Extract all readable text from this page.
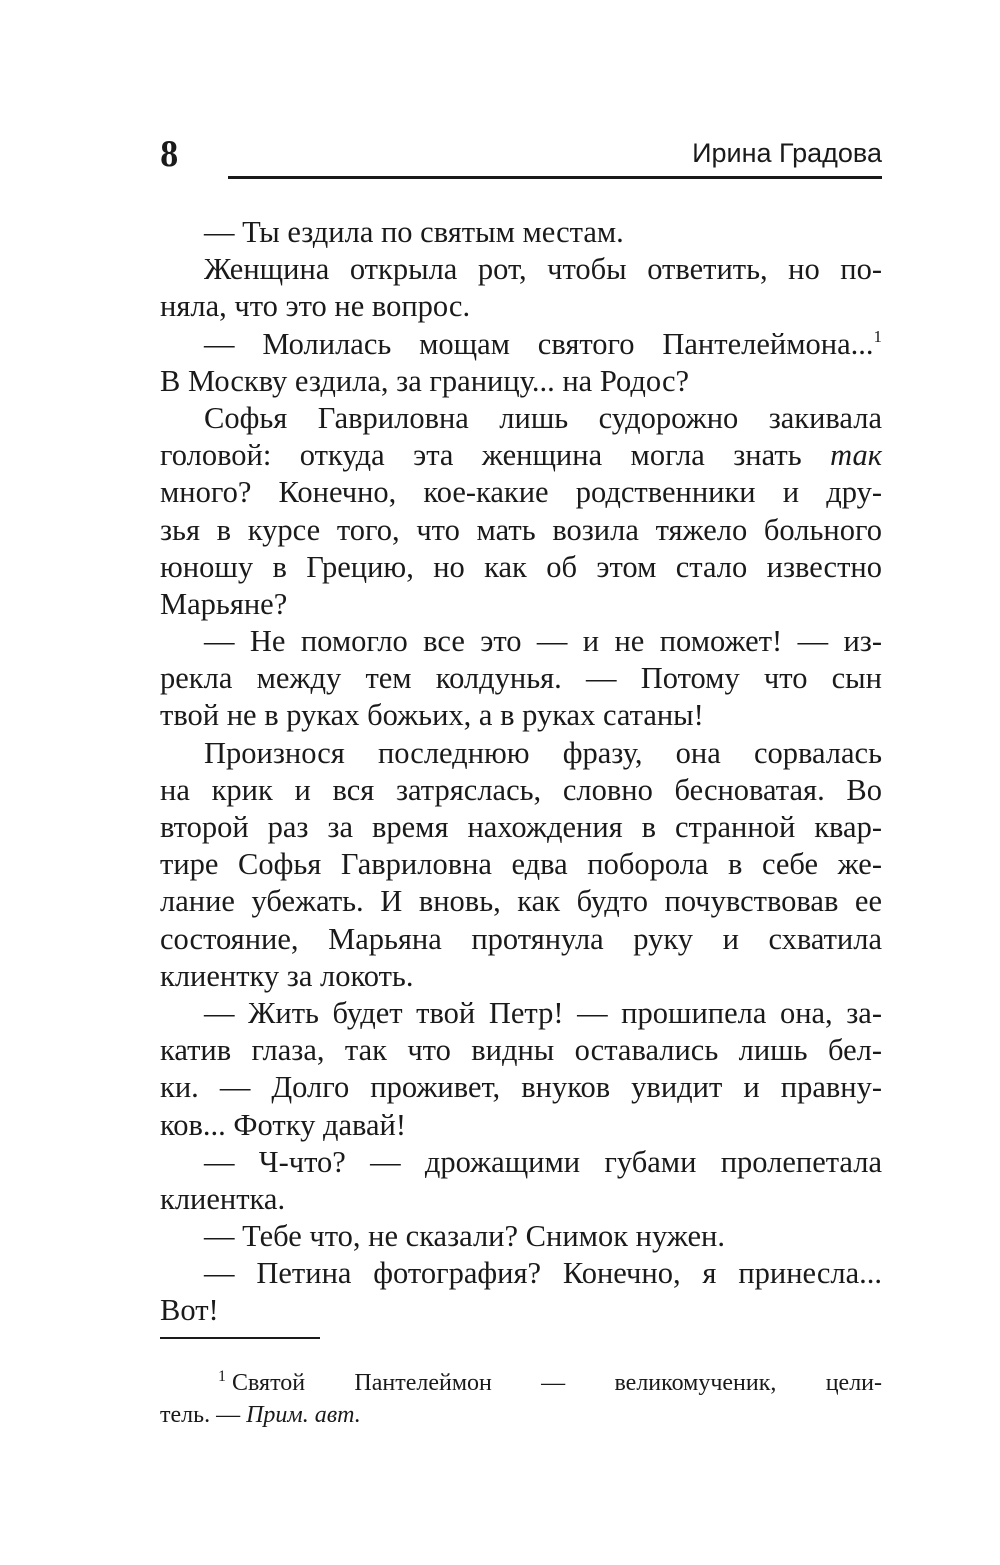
8	Ирина Градова
— Ты ездила по святым местам.
Женщина открыла рот, чтобы ответить, но по-
няла, что это не вопрос.
— Молилась мощам святого Пантелеймона...$^1$
В Москву ездила, за границу... на Родос?
Софья Гавриловна лишь судорожно закивала
головой: откуда эта женщина могла знать так
много? Конечно, кое-какие родственники и дру-
зья в курсе того, что мать возила тяжело больного
юношу в Грецию, но как об этом стало известно
Марьяне?
— Не помогло все это — и не поможет! — из-
рекла между тем колдунья. — Потому что сын
твой не в руках божьих, а в руках сатаны!
Произнося последнюю фразу, она сорвалась
на крик и вся затряслась, словно бесноватая. Во
второй раз за время нахождения в странной квар-
тире Софья Гавриловна едва поборола в себе же-
лание убежать. И вновь, как будто почувствовав ее
состояние, Марьяна протянула руку и схватила
клиентку за локоть.
— Жить будет твой Петр! — прошипела она, за-
катив глаза, так что видны оставались лишь бел-
ки. — Долго проживет, внуков увидит и правну-
ков... Фотку давай!
— Ч-что? — дрожащими губами пролепетала
клиентка.
— Тебе что, не сказали? Снимок нужен.
— Петина фотография? Конечно, я принесла...
Вот!
$^1$ Святой Пантелеймон — великомученик, цели-
тель. — Прим. авт.
